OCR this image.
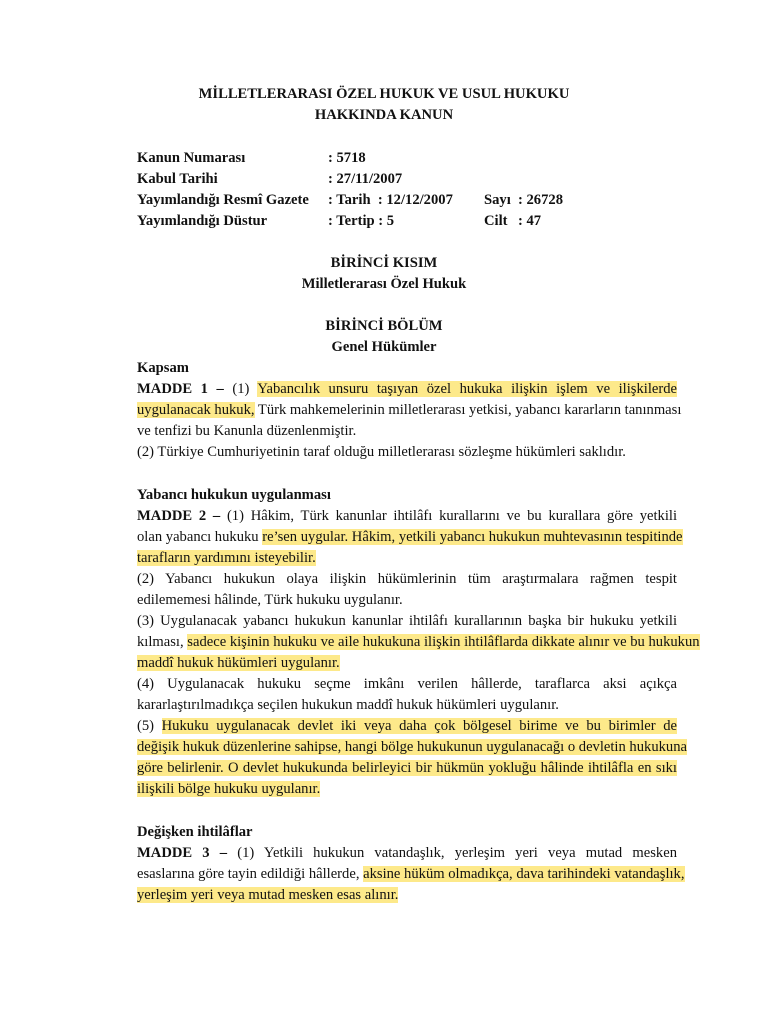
MİLLETLERARASI ÖZEL HUKUK VE USUL HUKUKU
HAKKINDA KANUN
Kanun Numarası	: 5718
Kabul Tarihi	: 27/11/2007
Yayımlandığı Resmî Gazete : Tarih  : 12/12/2007 Sayı : 26728
Yayımlandığı Düstur	: Tertip : 5	Cilt : 47
BİRİNCİ KISIM
Milletlerarası Özel Hukuk
BİRİNCİ BÖLÜM
Genel Hükümler
Kapsam
MADDE 1 – (1) Yabancılık unsuru taşıyan özel hukuka ilişkin işlem ve ilişkilerde
uygulanacak hukuk, Türk mahkemelerinin milletlerarası yetkisi, yabancı kararların tanınması
ve tenfizi bu Kanunla düzenlenmiştir.
(2) Türkiye Cumhuriyetinin taraf olduğu milletlerarası sözleşme hükümleri saklıdır.
Yabancı hukukun uygulanması
MADDE 2 – (1) Hâkim, Türk kanunlar ihtilâfı kurallarını ve bu kurallara göre yetkili
olan yabancı hukuku re’sen uygular. Hâkim, yetkili yabancı hukukun muhtevasının tespitinde
tarafların yardımını isteyebilir.
(2) Yabancı hukukun olaya ilişkin hükümlerinin tüm araştırmalara rağmen tespit
edilememesi hâlinde, Türk hukuku uygulanır.
(3) Uygulanacak yabancı hukukun kanunlar ihtilâfı kurallarının başka bir hukuku yetkili
kılması, sadece kişinin hukuku ve aile hukukuna ilişkin ihtilâflarda dikkate alınır ve bu hukukun
maddî hukuk hükümleri uygulanır.
(4) Uygulanacak hukuku seçme imkânı verilen hâllerde, taraflarca aksi açıkça
kararlaştırılmadıkça seçilen hukukun maddî hukuk hükümleri uygulanır.
(5) Hukuku uygulanacak devlet iki veya daha çok bölgesel birime ve bu birimler de
değişik hukuk düzenlerine sahipse, hangi bölge hukukunun uygulanacağı o devletin hukukuna
göre belirlenir. O devlet hukukunda belirleyici bir hükmün yokluğu hâlinde ihtilâfla en sıkı
ilişkili bölge hukuku uygulanır.
Değişken ihtilâflar
MADDE 3 – (1) Yetkili hukukun vatandaşlık, yerleşim yeri veya mutad mesken
esaslarına göre tayin edildiği hâllerde, aksine hüküm olmadıkça, dava tarihindeki vatandaşlık,
yerleşim yeri veya mutad mesken esas alınır.
